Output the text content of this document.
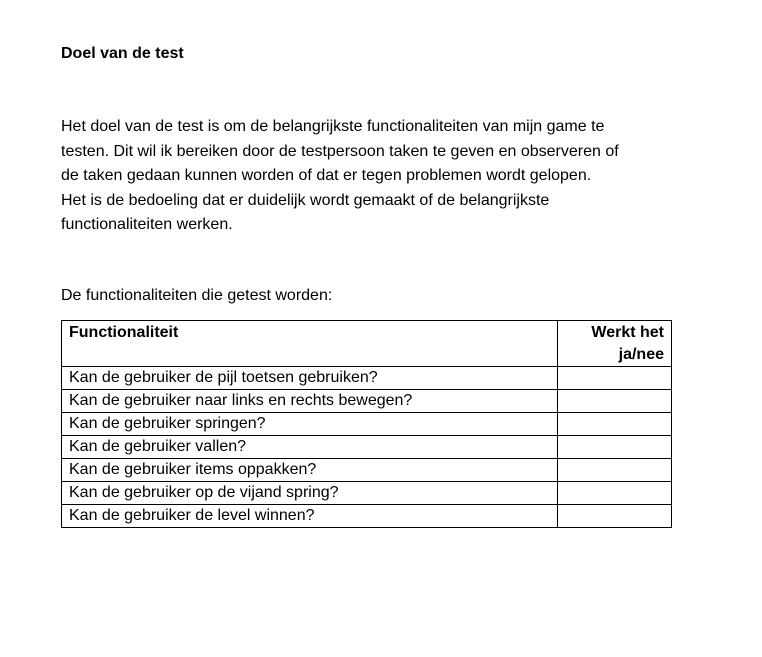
Doel van de test
Het doel van de test is om de belangrijkste functionaliteiten van mijn game te
testen. Dit wil ik bereiken door de testpersoon taken te geven en observeren of
de taken gedaan kunnen worden of dat er tegen problemen wordt gelopen.
Het is de bedoeling dat er duidelijk wordt gemaakt of de belangrijkste
functionaliteiten werken.
De functionaliteiten die getest worden:
Functionaliteit	Werkt het
ja/nee
Kan de gebruiker de pijl toetsen gebruiken?	
Kan de gebruiker naar links en rechts bewegen?	
Kan de gebruiker springen?	
Kan de gebruiker vallen?	
Kan de gebruiker items oppakken?	
Kan de gebruiker op de vijand spring?	
Kan de gebruiker de level winnen?	
